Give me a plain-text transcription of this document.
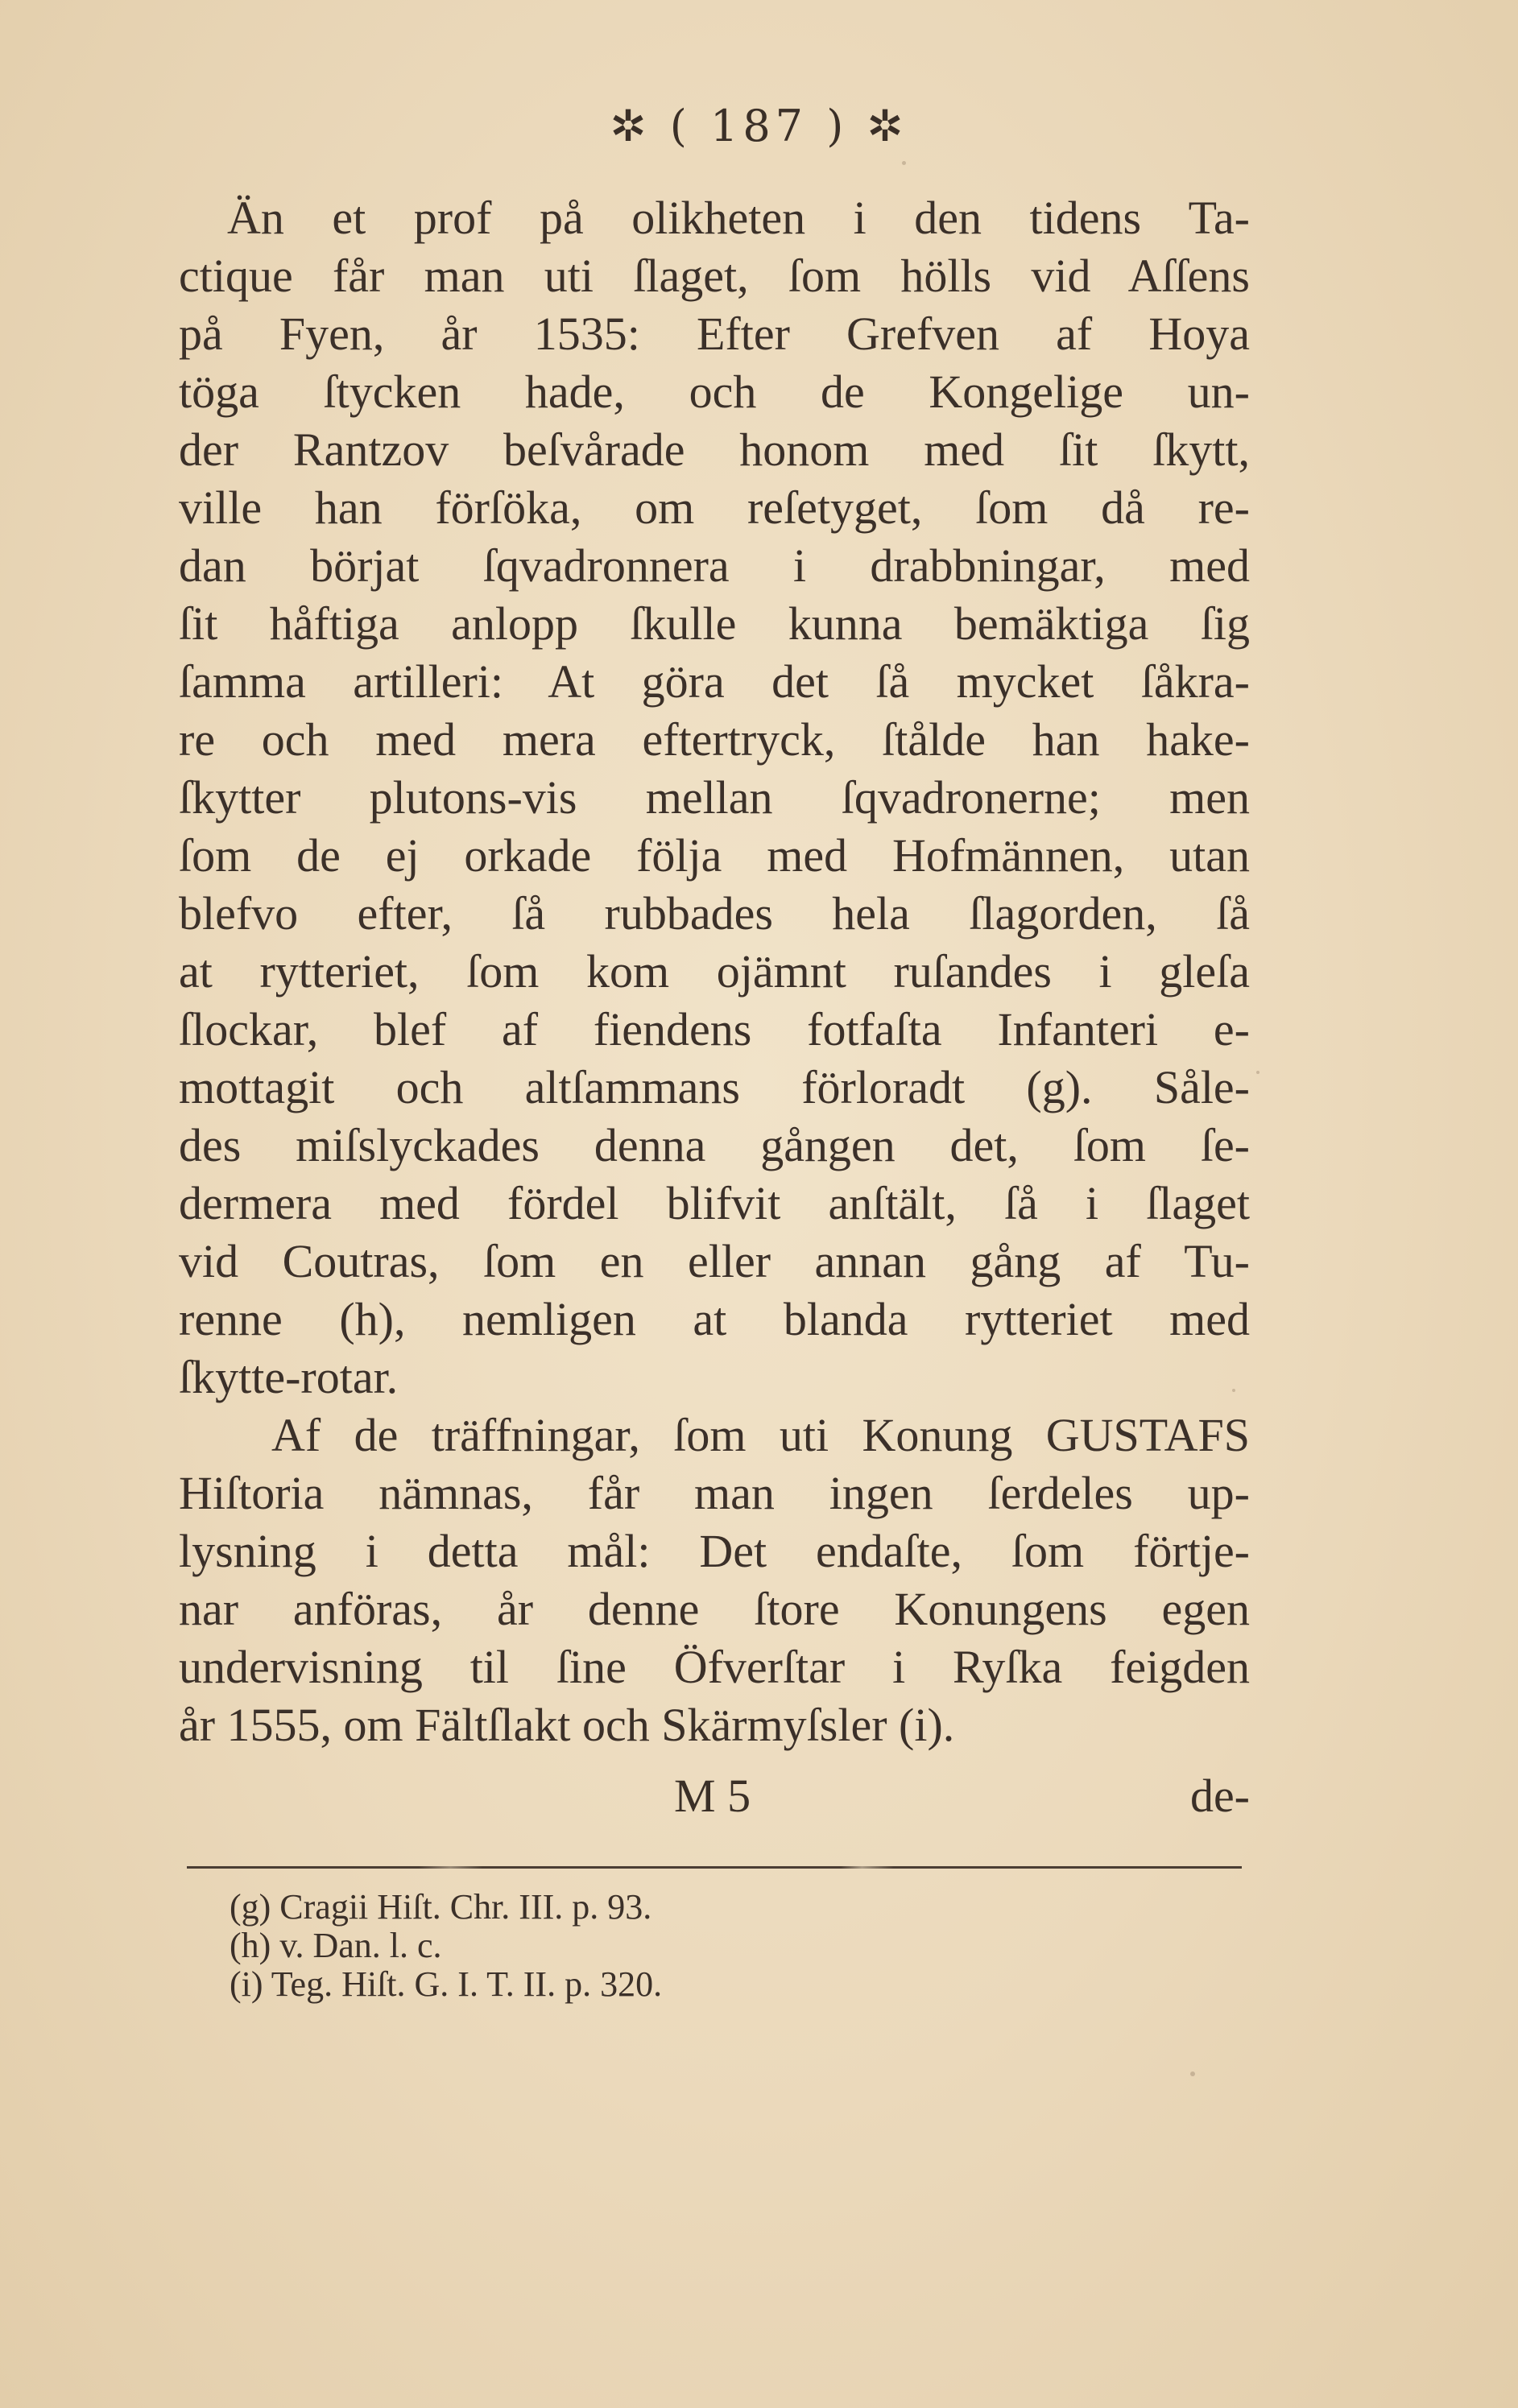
✲ ( 187 ) ✲
Än et prof på olikheten i den tidens Ta-
ctique får man uti ſlaget, ſom hölls vid Aſſens
på Fyen, år 1535: Efter Grefven af Hoya
töga ſtycken hade, och de Kongelige un-
der Rantzov beſvårade honom med ſit ſkytt,
ville han förſöka, om reſetyget, ſom då re-
dan börjat ſqvadronnera i drabbningar, med
ſit håftiga anlopp ſkulle kunna bemäktiga ſig
ſamma artilleri: At göra det ſå mycket ſåkra-
re och med mera eftertryck, ſtålde han hake-
ſkytter plutons-vis mellan ſqvadronerne; men
ſom de ej orkade följa med Hofmännen, utan
blefvo efter, ſå rubbades hela ſlagorden, ſå
at rytteriet, ſom kom ojämnt ruſandes i gleſa
ſlockar, blef af fiendens fotfaſta Infanteri e-
mottagit och altſammans förloradt (g). Såle-
des miſslyckades denna gången det, ſom ſe-
dermera med fördel blifvit anſtält, ſå i ſlaget
vid Coutras, ſom en eller annan gång af Tu-
renne (h), nemligen at blanda rytteriet med
ſkytte-rotar.
Af de träffningar, ſom uti Konung GUSTAFS
Hiſtoria nämnas, får man ingen ſerdeles up-
lysning i detta mål: Det endaſte, ſom förtje-
nar anföras, år denne ſtore Konungens egen
undervisning til ſine Öfverſtar i Ryſka feigden
år 1555, om Fältſlakt och Skärmyſsler (i).
M 5	de-
(g) Cragii Hiſt. Chr. III. p. 93.
(h) v. Dan. l. c.
(i) Teg. Hiſt. G. I. T. II. p. 320.
